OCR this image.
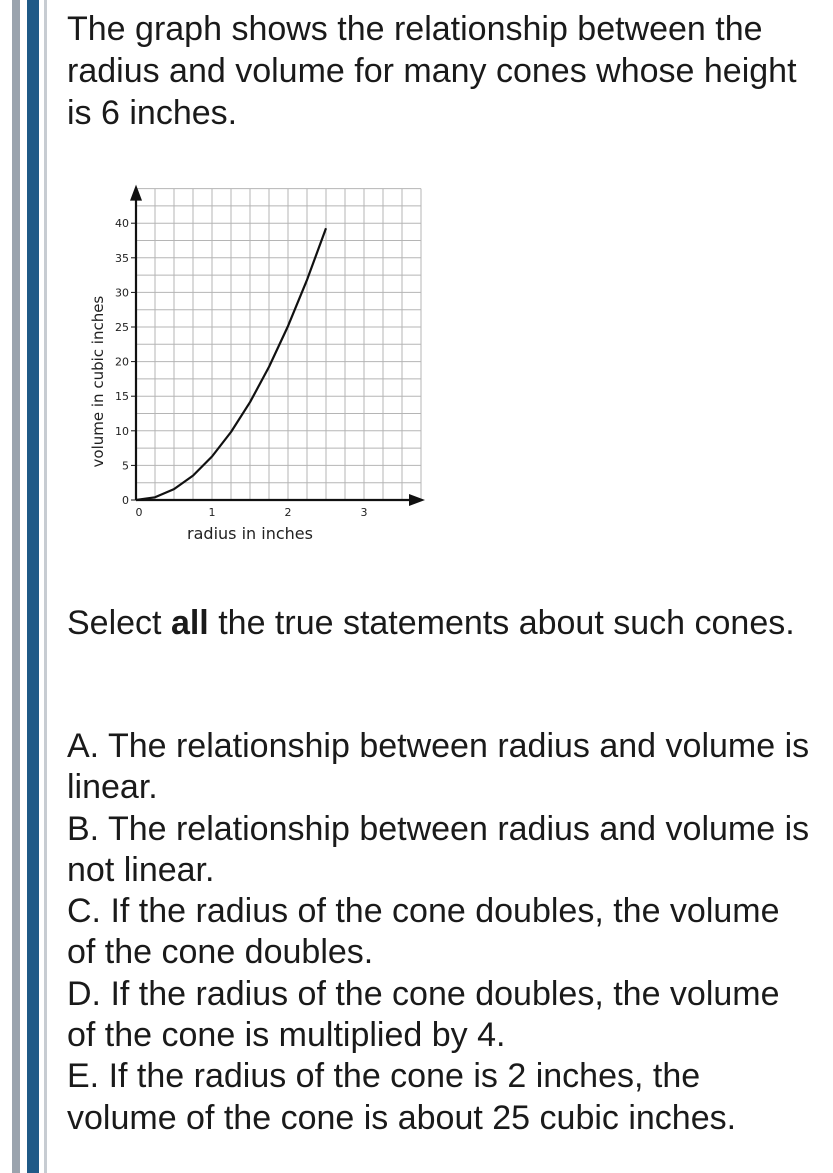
The graph shows the relationship between the radius and volume for many cones whose height is 6 inches.

0
5
10
15
20
25
30
35
40
0	1	2	3
radius in inches
volume in cubic inches

Select all the true statements about such cones.

A. The relationship between radius and volume is linear.

B. The relationship between radius and volume is not linear.

C. If the radius of the cone doubles, the volume of the cone doubles.

D. If the radius of the cone doubles, the volume of the cone is multiplied by 4.

E. If the radius of the cone is 2 inches, the volume of the cone is about 25 cubic inches.
